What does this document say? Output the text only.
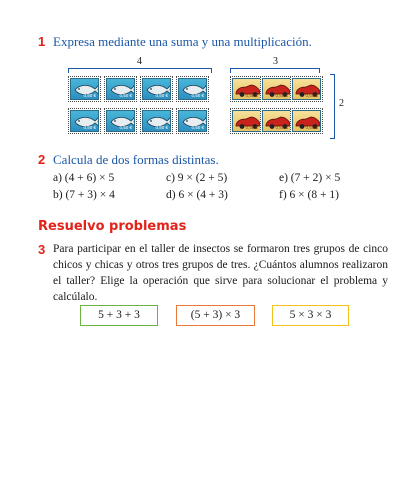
1 Expresa mediante una suma y una multiplicación.
4	3
2
0,50 €	0,50 €	0,50 €	0,50 €	0,50 €	0,50 €	0,50 €
0,50 €	0,50 €	0,50 €	0,50 €	0,50 €	0,50 €	0,50 €
2 Calcula de dos formas distintas.
a) (4 + 6) × 5	c) 9 × (2 + 5)	e) (7 + 2) × 5
b) (7 + 3) × 4	d) 6 × (4 + 3)	f) 6 × (8 + 1)
Resuelvo problemas
3 Para participar en el taller de insectos se formaron tres grupos de cinco chicos y chicas y otros tres grupos de tres. ¿Cuántos alumnos realizaron el taller? Elige la operación que sirve para solucionar el problema y calcúlalo.
5 + 3 + 3	(5 + 3) × 3	5 × 3 × 3
